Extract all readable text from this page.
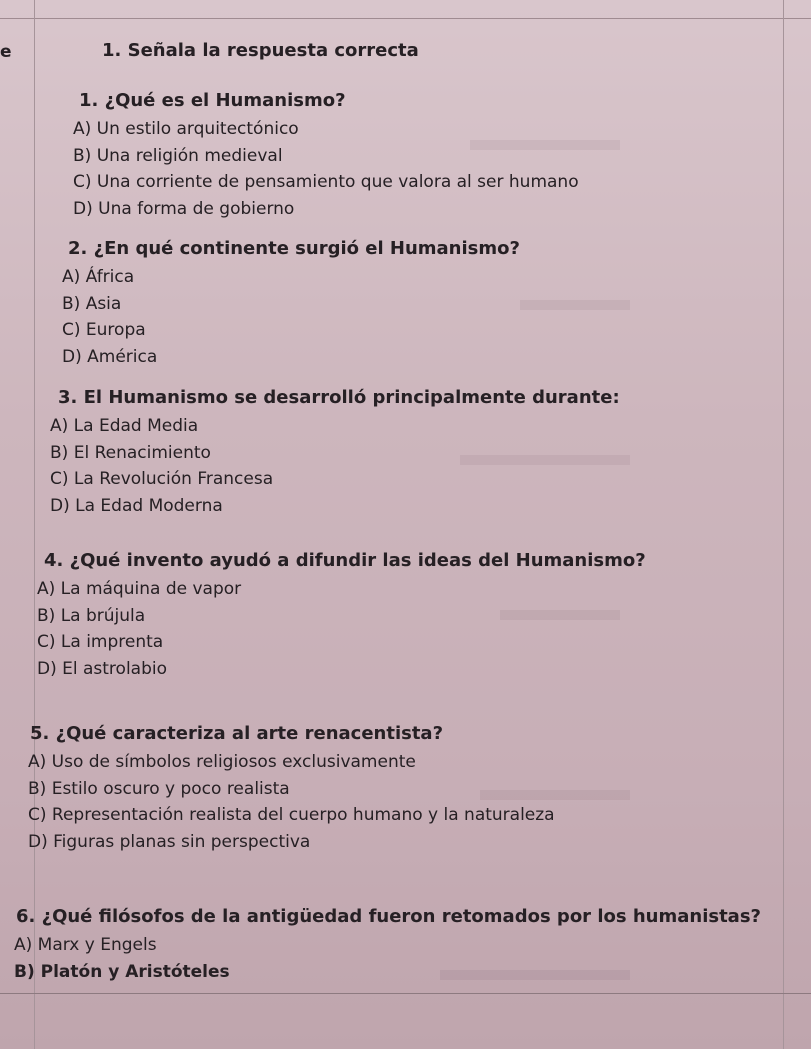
e	1. Señala la respuesta correcta
1. ¿Qué es el Humanismo?
A) Un estilo arquitectónico
B) Una religión medieval
C) Una corriente de pensamiento que valora al ser humano
D) Una forma de gobierno
2. ¿En qué continente surgió el Humanismo?
A) África
B) Asia
C) Europa
D) América
3. El Humanismo se desarrolló principalmente durante:
A) La Edad Media
B) El Renacimiento
C) La Revolución Francesa
D) La Edad Moderna
4. ¿Qué invento ayudó a difundir las ideas del Humanismo?
A) La máquina de vapor
B) La brújula
C) La imprenta
D) El astrolabio
5. ¿Qué caracteriza al arte renacentista?
A) Uso de símbolos religiosos exclusivamente
B) Estilo oscuro y poco realista
C) Representación realista del cuerpo humano y la naturaleza
D) Figuras planas sin perspectiva
6. ¿Qué filósofos de la antigüedad fueron retomados por los humanistas?
A) Marx y Engels
B) Platón y Aristóteles
